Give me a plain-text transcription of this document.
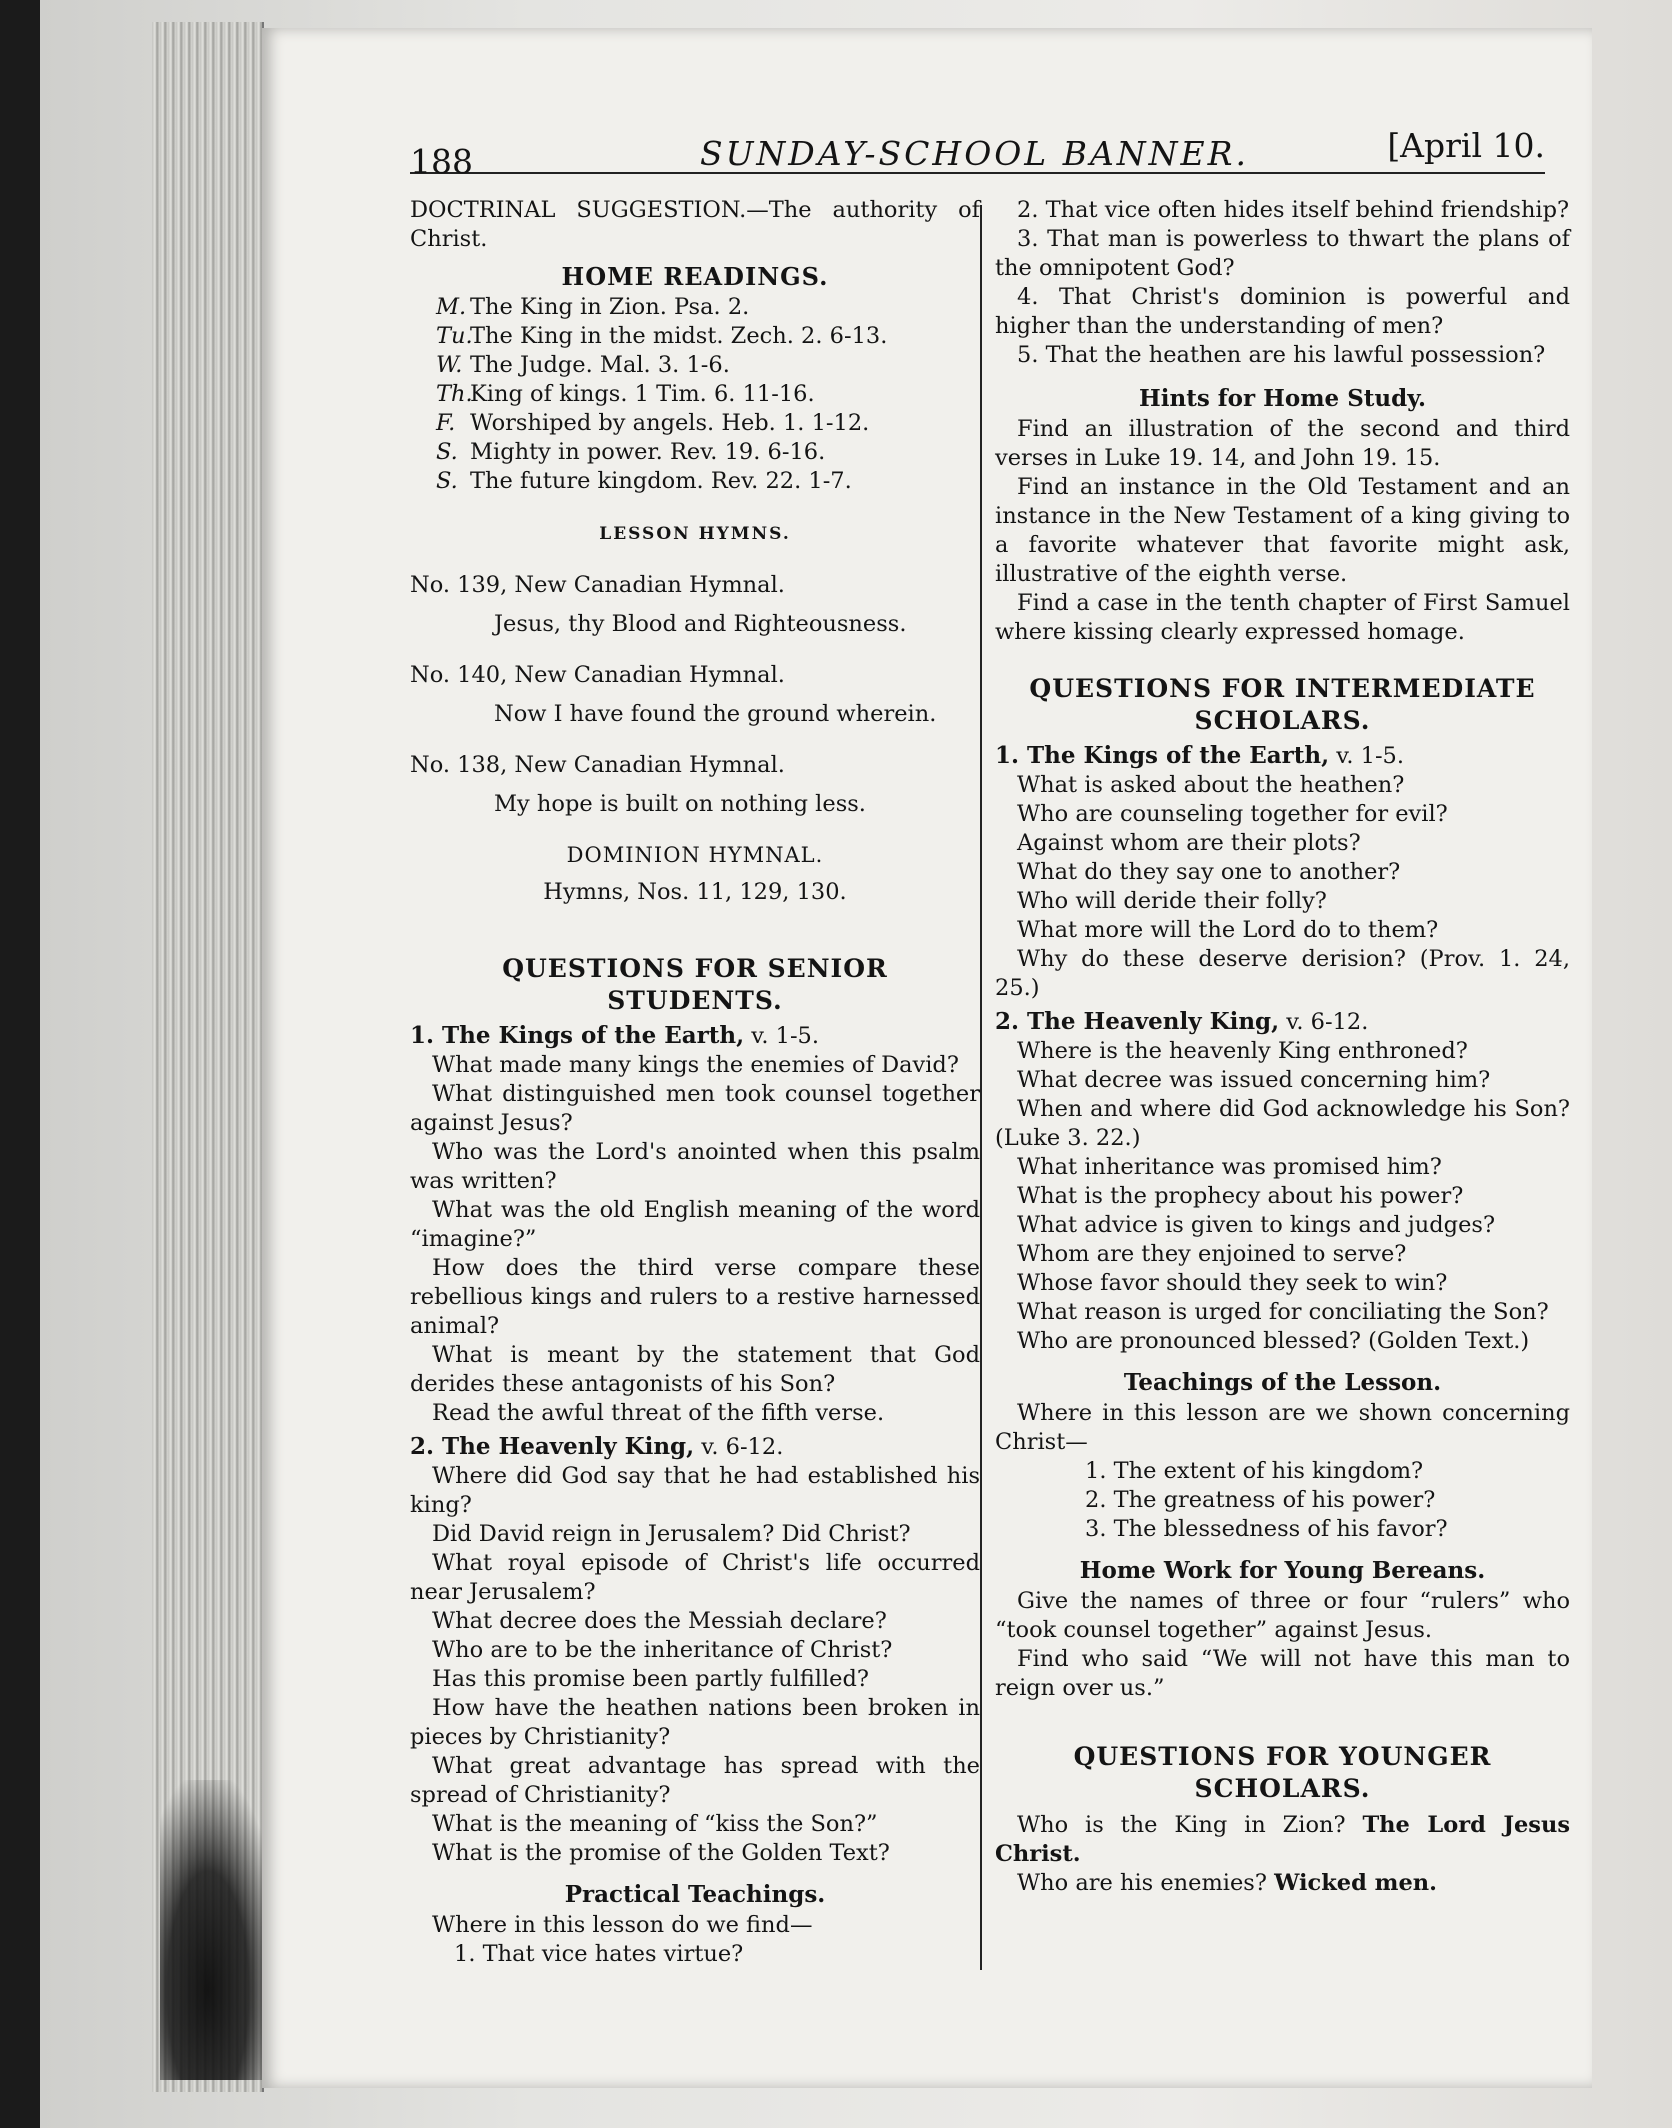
188	SUNDAY-SCHOOL BANNER.	[April 10.

DOCTRINAL SUGGESTION.—The authority of Christ.

HOME READINGS.

M. The King in Zion. Psa. 2.

Tu.The King in the midst. Zech. 2. 6-13.

W. The Judge. Mal. 3. 1-6.

Th.King of kings. 1 Tim. 6. 11-16.

F. Worshiped by angels. Heb. 1. 1-12.

S. Mighty in power. Rev. 19. 6-16.

S. The future kingdom. Rev. 22. 1-7.

LESSON HYMNS.

No. 139, New Canadian Hymnal.

Jesus, thy Blood and Righteousness.

No. 140, New Canadian Hymnal.

Now I have found the ground wherein.

No. 138, New Canadian Hymnal.

My hope is built on nothing less.

DOMINION HYMNAL.

Hymns, Nos. 11, 129, 130.

QUESTIONS FOR SENIOR STUDENTS.

1. The Kings of the Earth, v. 1-5.

What made many kings the enemies of David?

What distinguished men took counsel together against Jesus?

Who was the Lord's anointed when this psalm was written?

What was the old English meaning of the word “imagine?”

How does the third verse compare these rebellious kings and rulers to a restive harnessed animal?

What is meant by the statement that God derides these antagonists of his Son?

Read the awful threat of the fifth verse.

2. The Heavenly King, v. 6-12.

Where did God say that he had established his king?

Did David reign in Jerusalem? Did Christ?

What royal episode of Christ's life occurred near Jerusalem?

What decree does the Messiah declare?

Who are to be the inheritance of Christ?

Has this promise been partly fulfilled?

How have the heathen nations been broken in pieces by Christianity?

What great advantage has spread with the spread of Christianity?

What is the meaning of “kiss the Son?”

What is the promise of the Golden Text?

Practical Teachings.

Where in this lesson do we find—

1. That vice hates virtue?

2. That vice often hides itself behind friendship?

3. That man is powerless to thwart the plans of the omnipotent God?

4. That Christ's dominion is powerful and higher than the understanding of men?

5. That the heathen are his lawful possession?

Hints for Home Study.

Find an illustration of the second and third verses in Luke 19. 14, and John 19. 15.

Find an instance in the Old Testament and an instance in the New Testament of a king giving to a favorite whatever that favorite might ask, illustrative of the eighth verse.

Find a case in the tenth chapter of First Samuel where kissing clearly expressed homage.

QUESTIONS FOR INTERMEDIATE SCHOLARS.

1. The Kings of the Earth, v. 1-5.

What is asked about the heathen?

Who are counseling together for evil?

Against whom are their plots?

What do they say one to another?

Who will deride their folly?

What more will the Lord do to them?

Why do these deserve derision? (Prov. 1. 24, 25.)

2. The Heavenly King, v. 6-12.

Where is the heavenly King enthroned?

What decree was issued concerning him?

When and where did God acknowledge his Son? (Luke 3. 22.)

What inheritance was promised him?

What is the prophecy about his power?

What advice is given to kings and judges?

Whom are they enjoined to serve?

Whose favor should they seek to win?

What reason is urged for conciliating the Son?

Who are pronounced blessed? (Golden Text.)

Teachings of the Lesson.

Where in this lesson are we shown concerning Christ—

1. The extent of his kingdom?

2. The greatness of his power?

3. The blessedness of his favor?

Home Work for Young Bereans.

Give the names of three or four “rulers” who “took counsel together” against Jesus.

Find who said “We will not have this man to reign over us.”

QUESTIONS FOR YOUNGER SCHOLARS.

Who is the King in Zion? The Lord Jesus Christ.

Who are his enemies? Wicked men.
